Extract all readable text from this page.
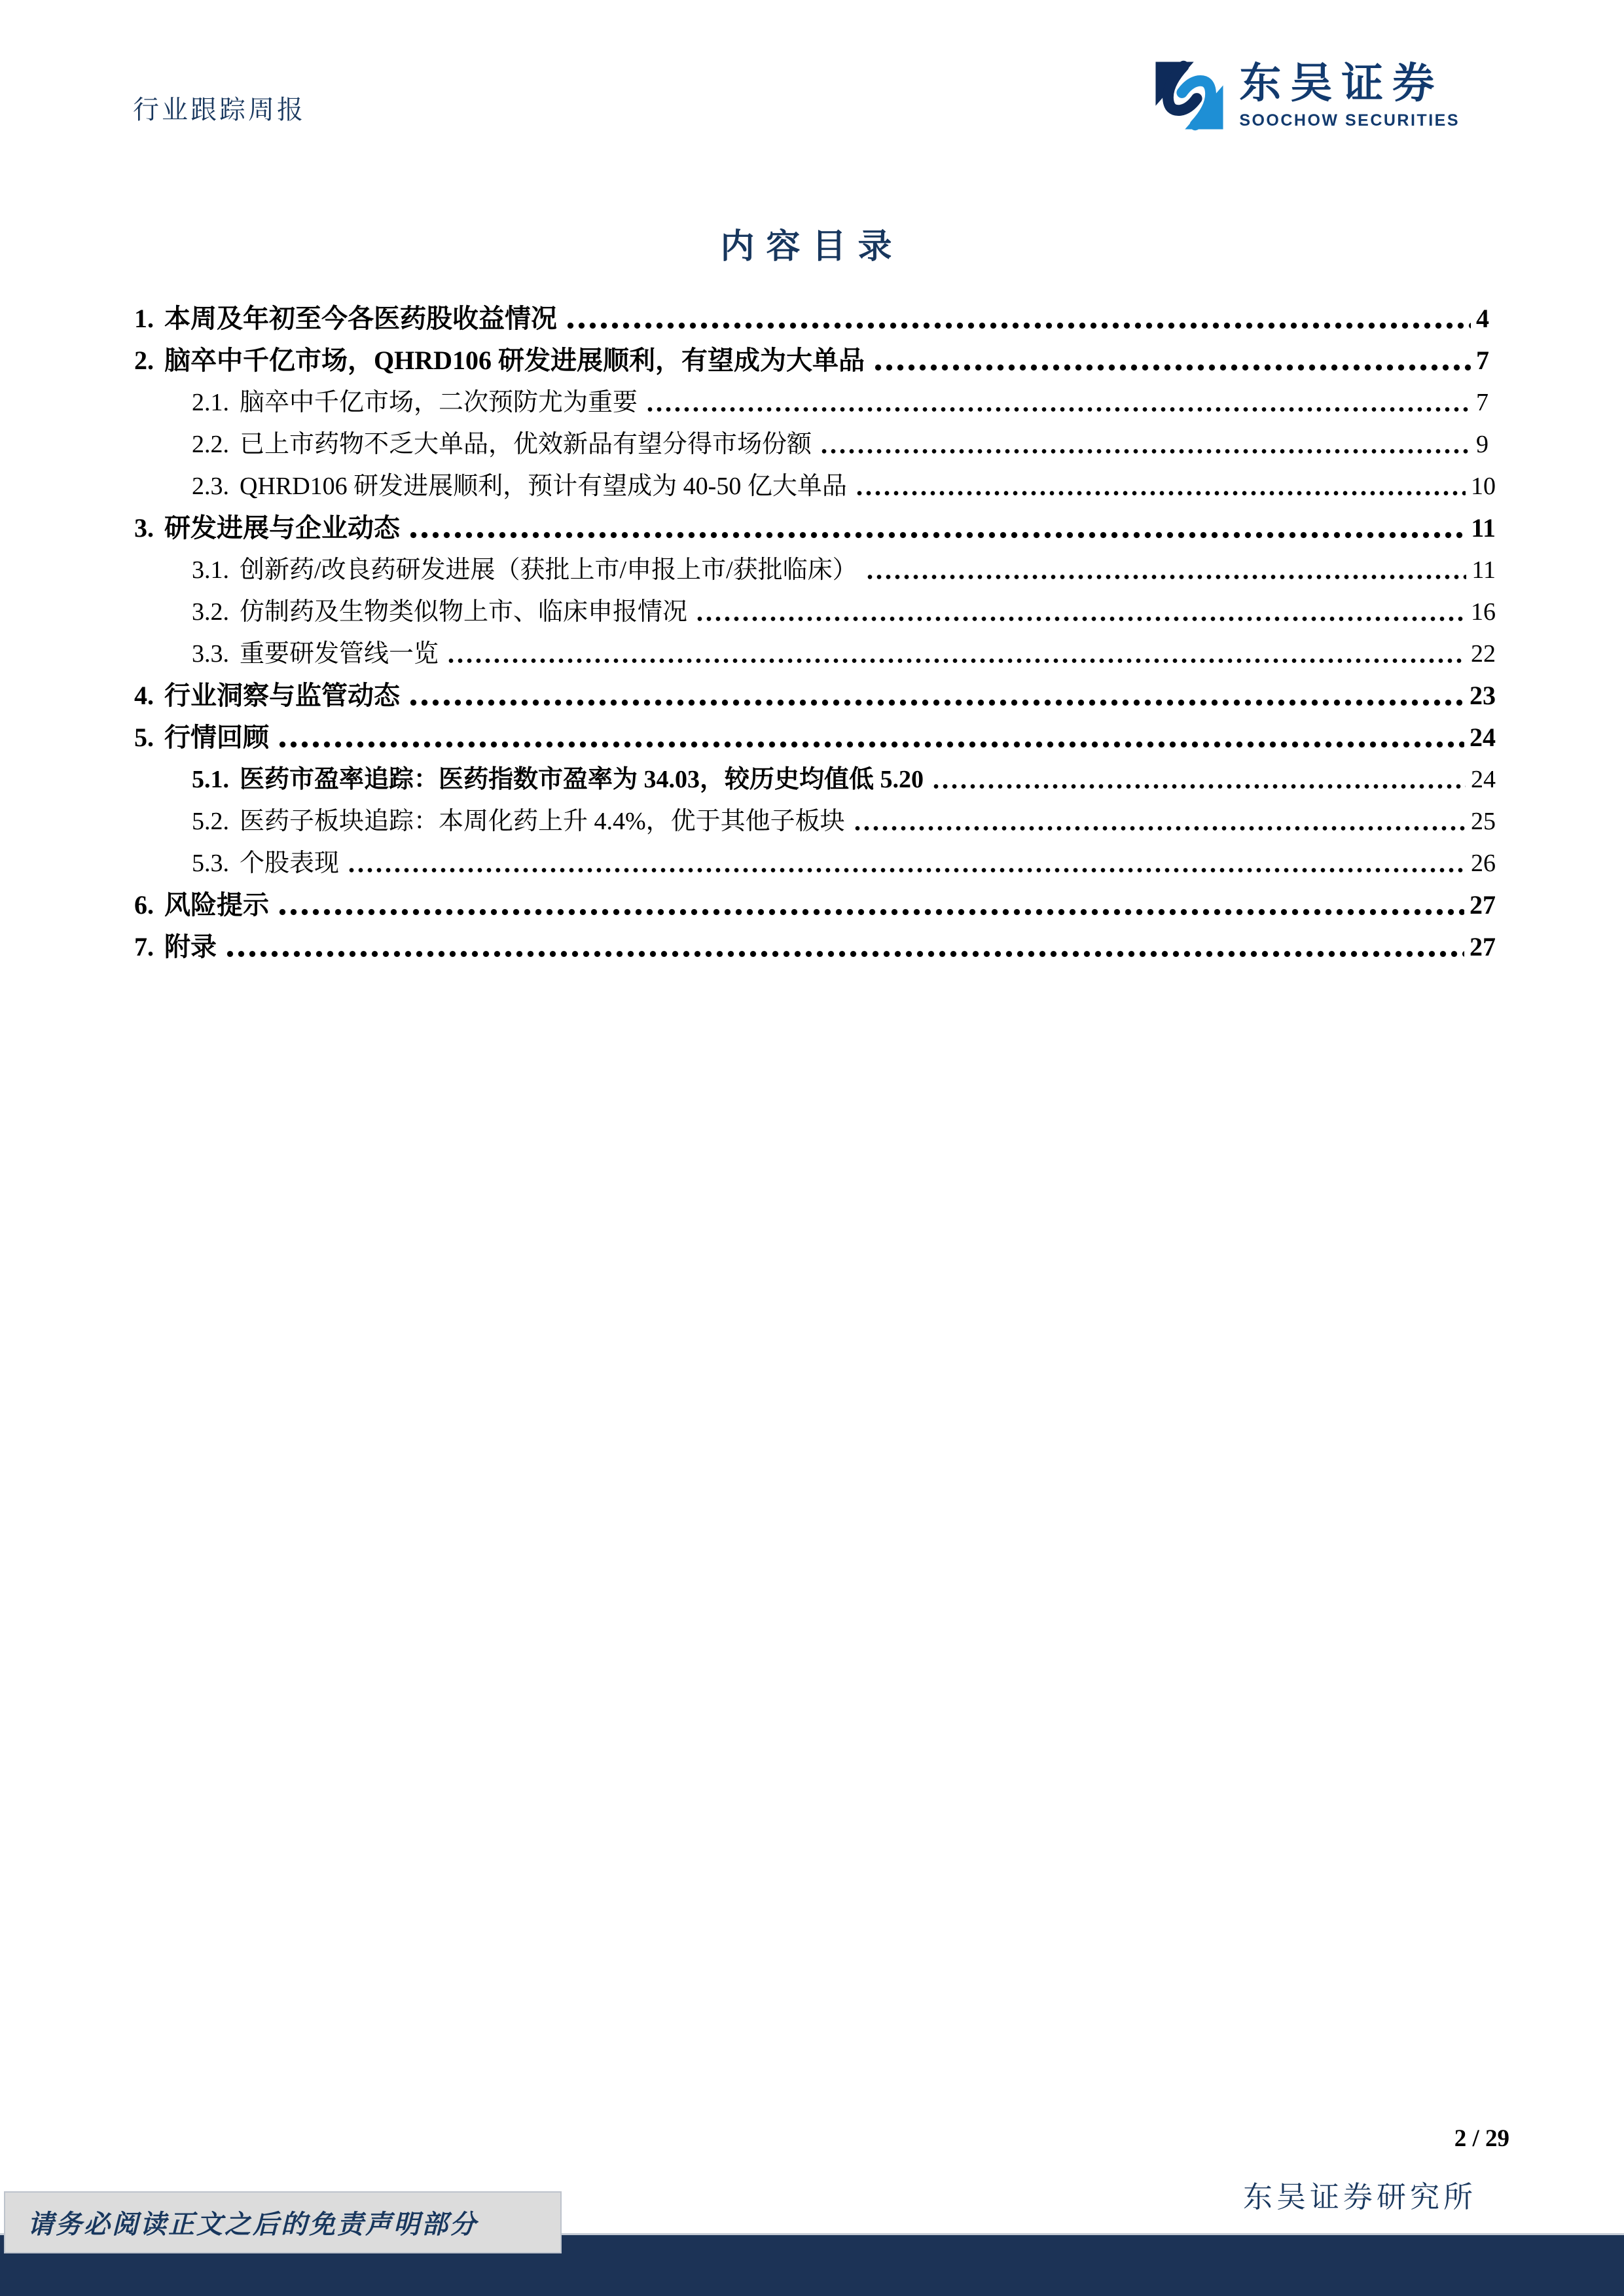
行业跟踪周报
东吴证券
SOOCHOW SECURITIES
内容目录
1. 本周及年初至今各医药股收益情况	4
2. 脑卒中千亿市场，QHRD106 研发进展顺利，有望成为大单品	7
2.1. 脑卒中千亿市场，二次预防尤为重要	7
2.2. 已上市药物不乏大单品，优效新品有望分得市场份额	9
2.3. QHRD106 研发进展顺利，预计有望成为 40-50 亿大单品	10
3. 研发进展与企业动态	11
3.1. 创新药/改良药研发进展（获批上市/申报上市/获批临床）	11
3.2. 仿制药及生物类似物上市、临床申报情况	16
3.3. 重要研发管线一览	22
4. 行业洞察与监管动态	23
5. 行情回顾	24
5.1. 医药市盈率追踪：医药指数市盈率为 34.03，较历史均值低 5.20	24
5.2. 医药子板块追踪：本周化药上升 4.4%，优于其他子板块	25
5.3. 个股表现	26
6. 风险提示	27
7. 附录	27
2 / 29
东吴证券研究所
请务必阅读正文之后的免责声明部分
